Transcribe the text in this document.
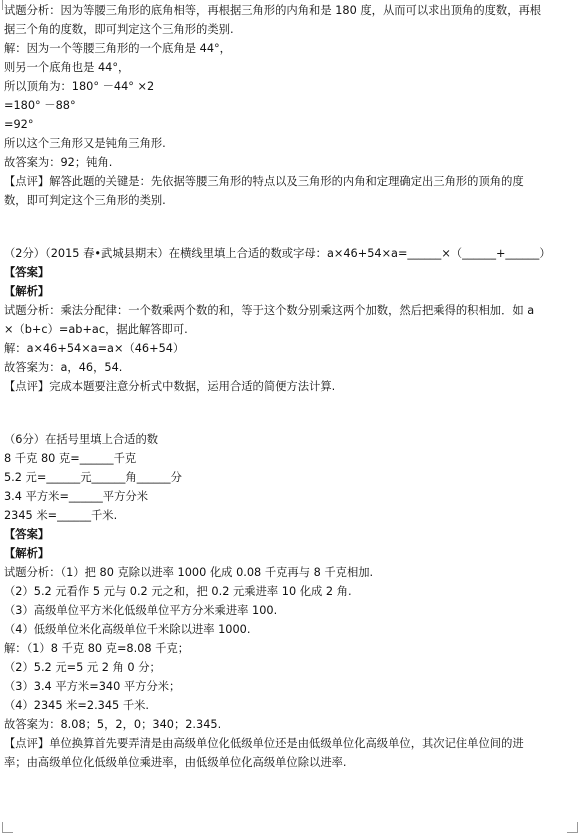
试题分析：因为等腰三角形的底角相等，再根据三角形的内角和是 180 度，从而可以求出顶角的度数，再根
据三个角的度数，即可判定这个三角形的类别.
解：因为一个等腰三角形的一个底角是 44°，
则另一个底角也是 44°，
所以顶角为：180° －44° ×2
=180° －88°
=92°
所以这个三角形又是钝角三角形.
故答案为：92；钝角.
【点评】解答此题的关键是：先依据等腰三角形的特点以及三角形的内角和定理确定出三角形的顶角的度
数，即可判定这个三角形的类别.
（2分）（2015 春•武城县期末）在横线里填上合适的数或字母：a×46+54×a=______×（______+______）
【答案】
【解析】
试题分析：乘法分配律：一个数乘两个数的和，等于这个数分别乘这两个加数，然后把乘得的积相加．如 a
×（b+c）=ab+ac，据此解答即可.
解：a×46+54×a=a×（46+54）
故答案为：a，46，54.
【点评】完成本题要注意分析式中数据，运用合适的简便方法计算.
（6分）在括号里填上合适的数
8 千克 80 克=______千克
5.2 元=______元______角______分
3.4 平方米=______平方分米
2345 米=______千米.
【答案】
【解析】
试题分析：（1）把 80 克除以进率 1000 化成 0.08 千克再与 8 千克相加.
（2）5.2 元看作 5 元与 0.2 元之和，把 0.2 元乘进率 10 化成 2 角.
（3）高级单位平方米化低级单位平方分米乘进率 100.
（4）低级单位米化高级单位千米除以进率 1000.
解：（1）8 千克 80 克=8.08 千克；
（2）5.2 元=5 元 2 角 0 分；
（3）3.4 平方米=340 平方分米；
（4）2345 米=2.345 千米.
故答案为：8.08；5，2，0；340；2.345.
【点评】单位换算首先要弄清是由高级单位化低级单位还是由低级单位化高级单位，其次记住单位间的进
率；由高级单位化低级单位乘进率，由低级单位化高级单位除以进率.
